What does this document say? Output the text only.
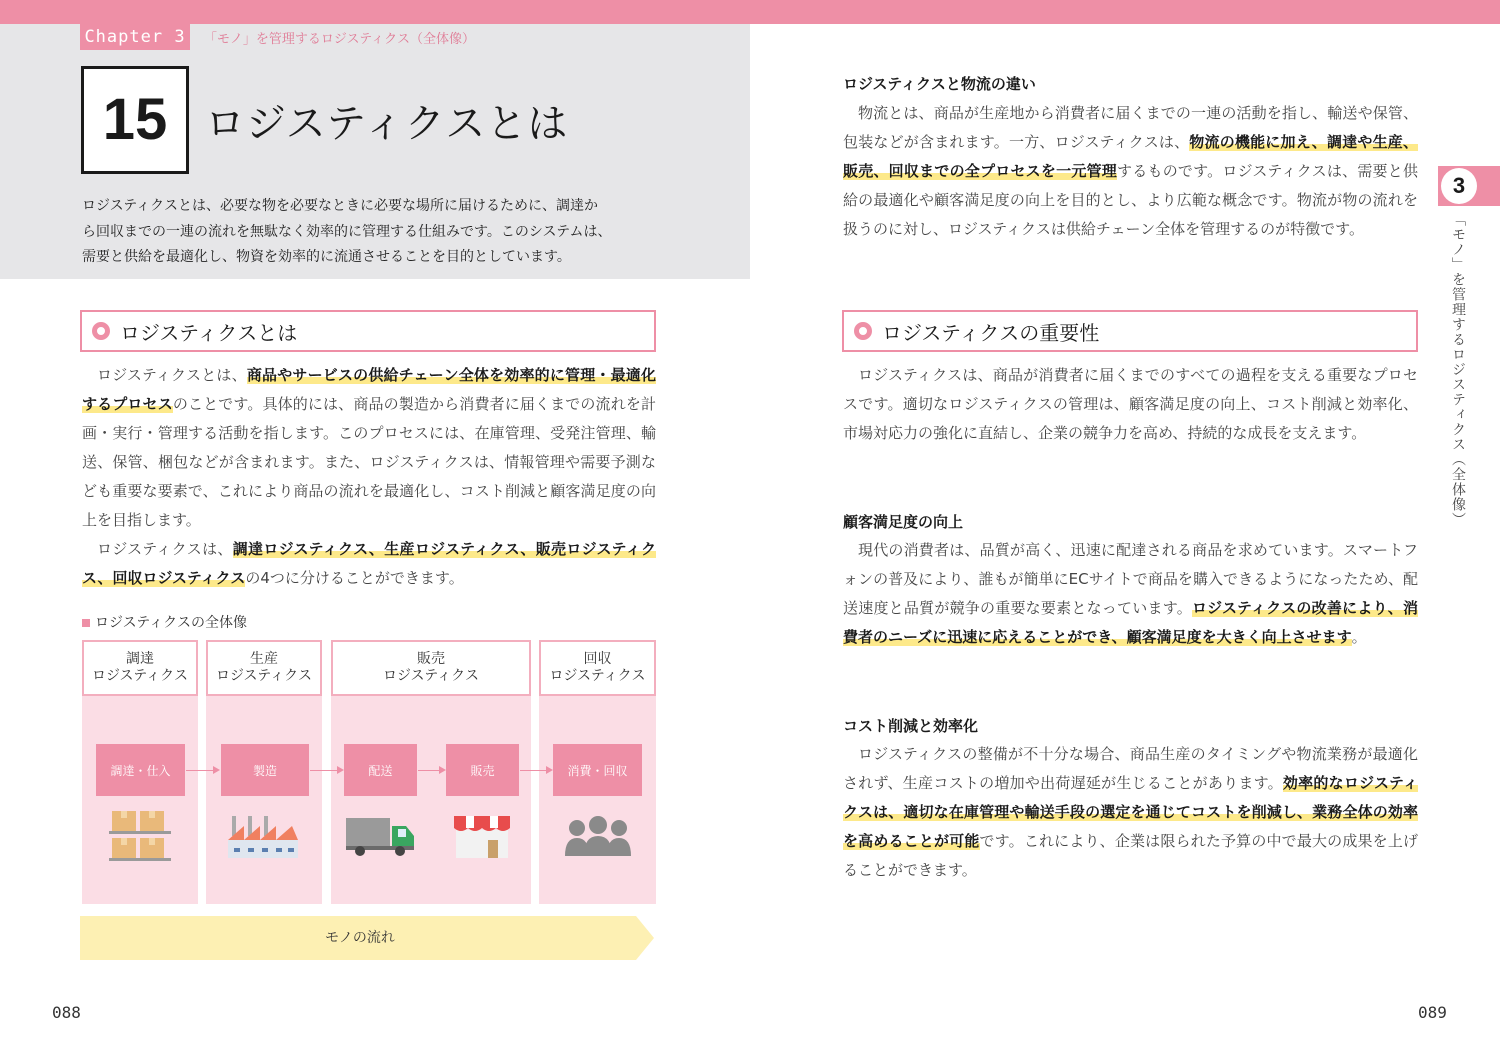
Chapter 3	「モノ」を管理するロジスティクス（全体像）
15 ロジスティクスとは

ロジスティクスとは、必要な物を必要なときに必要な場所に届けるために、調達か

ら回収までの一連の流れを無駄なく効率的に管理する仕組みです。このシステムは、

需要と供給を最適化し、物資を効率的に流通させることを目的としています。

ロジスティクスとは

ロジスティクスとは、商品やサービスの供給チェーン全体を効率的に管理・最適化するプロセスのことです。具体的には、商品の製造から消費者に届くまでの流れを計画・実行・管理する活動を指します。このプロセスには、在庫管理、受発注管理、輸送、保管、梱包などが含まれます。また、ロジスティクスは、情報管理や需要予測なども重要な要素で、これにより商品の流れを最適化し、コスト削減と顧客満足度の向上を目指します。

ロジスティクスは、調達ロジスティクス、生産ロジスティクス、販売ロジスティクス、回収ロジスティクスの4つに分けることができます。

ロジスティクスの全体像
調達
ロジスティクス
生産
ロジスティクス
販売
ロジスティクス
回収
ロジスティクス
調達・仕入	製造	配送	販売	消費・回収
モノの流れ
088
ロジスティクスと物流の違い

物流とは、商品が生産地から消費者に届くまでの一連の活動を指し、輸送や保管、包装などが含まれます。一方、ロジスティクスは、物流の機能に加え、調達や生産、販売、回収までの全プロセスを一元管理するものです。ロジスティクスは、需要と供給の最適化や顧客満足度の向上を目的とし、より広範な概念です。物流が物の流れを扱うのに対し、ロジスティクスは供給チェーン全体を管理するのが特徴です。

ロジスティクスの重要性

ロジスティクスは、商品が消費者に届くまでのすべての過程を支える重要なプロセスです。適切なロジスティクスの管理は、顧客満足度の向上、コスト削減と効率化、市場対応力の強化に直結し、企業の競争力を高め、持続的な成長を支えます。

顧客満足度の向上

現代の消費者は、品質が高く、迅速に配達される商品を求めています。スマートフォンの普及により、誰もが簡単にECサイトで商品を購入できるようになったため、配送速度と品質が競争の重要な要素となっています。ロジスティクスの改善により、消費者のニーズに迅速に応えることができ、顧客満足度を大きく向上させます。

コスト削減と効率化

ロジスティクスの整備が不十分な場合、商品生産のタイミングや物流業務が最適化されず、生産コストの増加や出荷遅延が生じることがあります。効率的なロジスティクスは、適切な在庫管理や輸送手段の選定を通じてコストを削減し、業務全体の効率を高めることが可能です。これにより、企業は限られた予算の中で最大の成果を上げることができます。

3
「モノ」を管理するロジスティクス（全体像）
089
